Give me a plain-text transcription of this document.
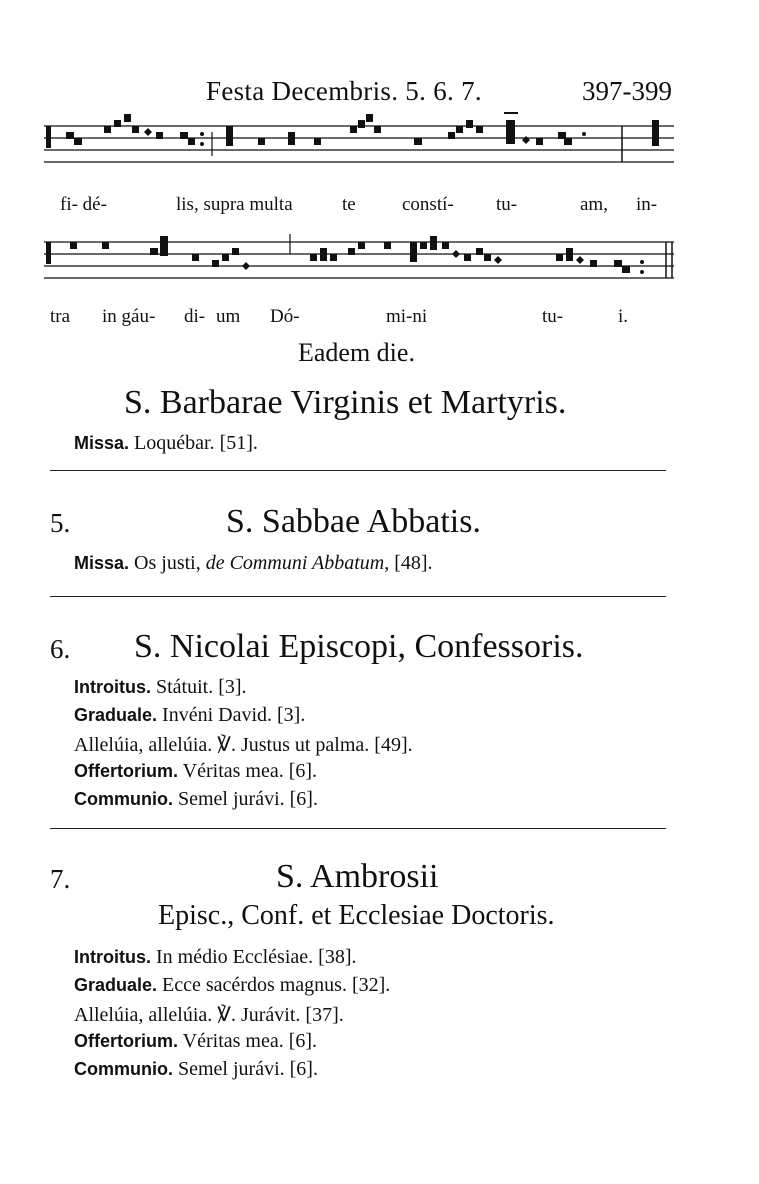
Festa Decembris. 5. 6. 7.	397-399
fi- dé-	lis, supra multa	te constí- tu-	am, in-
tra in gáu- di- um Dó-	mi-ni	tu-	i.
Eadem die.
S. Barbarae Virginis et Martyris.
Missa. Loquébar. [51].
5.	S. Sabbae Abbatis.
Missa. Os justi, de Communi Abbatum, [48].
6. S. Nicolai Episcopi, Confessoris.
Introitus. Státuit. [3].
Graduale. Invéni David. [3].
Allelúia, allelúia. ℣. Justus ut palma. [49].
Offertorium. Véritas mea. [6].
Communio. Semel jurávi. [6].
7.	S. Ambrosii
Episc., Conf. et Ecclesiae Doctoris.
Introitus. In médio Ecclésiae. [38].
Graduale. Ecce sacérdos magnus. [32].
Allelúia, allelúia. ℣. Jurávit. [37].
Offertorium. Véritas mea. [6].
Communio. Semel jurávi. [6].
